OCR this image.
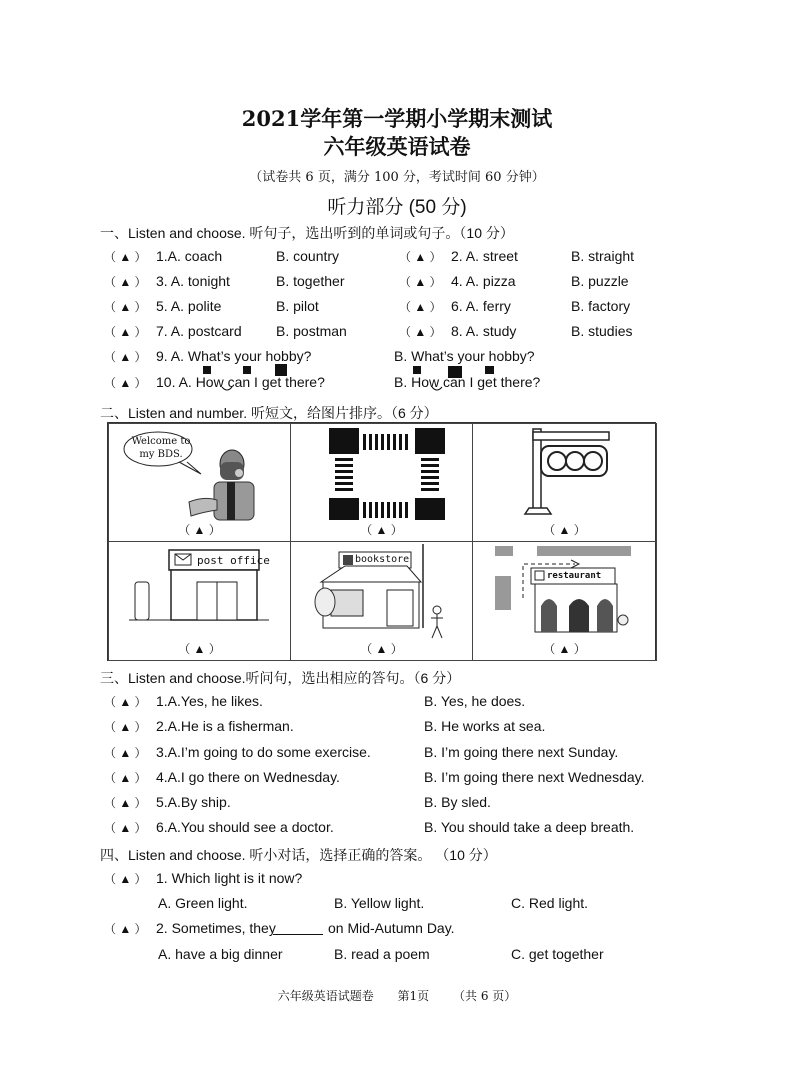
2021学年第一学期小学期末测试
六年级英语试卷
（试卷共 6 页，满分 100 分，考试时间 60 分钟）
听力部分 (50 分)
一、Listen and choose. 听句子，选出听到的单词或句子。（10 分）
（ ▲ ） 1.A. coach	B. country	（ ▲ ） 2. A. street	B. straight
（ ▲ ） 3. A. tonight	B. together	（ ▲ ） 4. A. pizza	B. puzzle
（ ▲ ） 5. A. polite	B. pilot	（ ▲ ） 6. A. ferry	B. factory
（ ▲ ） 7. A. postcard B. postman	（ ▲ ） 8. A. study	B. studies
（ ▲ ） 9. A. What’s your hobby?	B. What’s your hobby?
（ ▲ ） 10. A. How can I get there?	B. How can I get there?
二、Listen and number. 听短文，给图片排序。（6 分）
Welcome to my BDS.
（ ▲ ）	（ ▲ ）	（ ▲ ）
post office
（ ▲ ）
bookstore
（ ▲ ）
restaurant
（ ▲ ）
三、Listen and choose.听问句，选出相应的答句。（6 分）
（ ▲ ） 1.A.Yes, he likes.	B. Yes, he does.
（ ▲ ） 2.A.He is a fisherman.	B. He works at sea.
（ ▲ ） 3.A.I’m going to do some exercise.	B. I’m going there next Sunday.
（ ▲ ） 4.A.I go there on Wednesday.	B. I’m going there next Wednesday.
（ ▲ ） 5.A.By ship.	B. By sled.
（ ▲ ） 6.A.You should see a doctor.	B. You should take a deep breath.
四、Listen and choose. 听小对话，选择正确的答案。 （10 分）
（ ▲ ） 1. Which light is it now?
A. Green light.	B. Yellow light.	C. Red light.
（ ▲ ） 2. Sometimes, they	on Mid-Autumn Day.
A. have a big dinner	B. read a poem	C. get together
六年级英语试题卷 第1页 （共 6 页）
